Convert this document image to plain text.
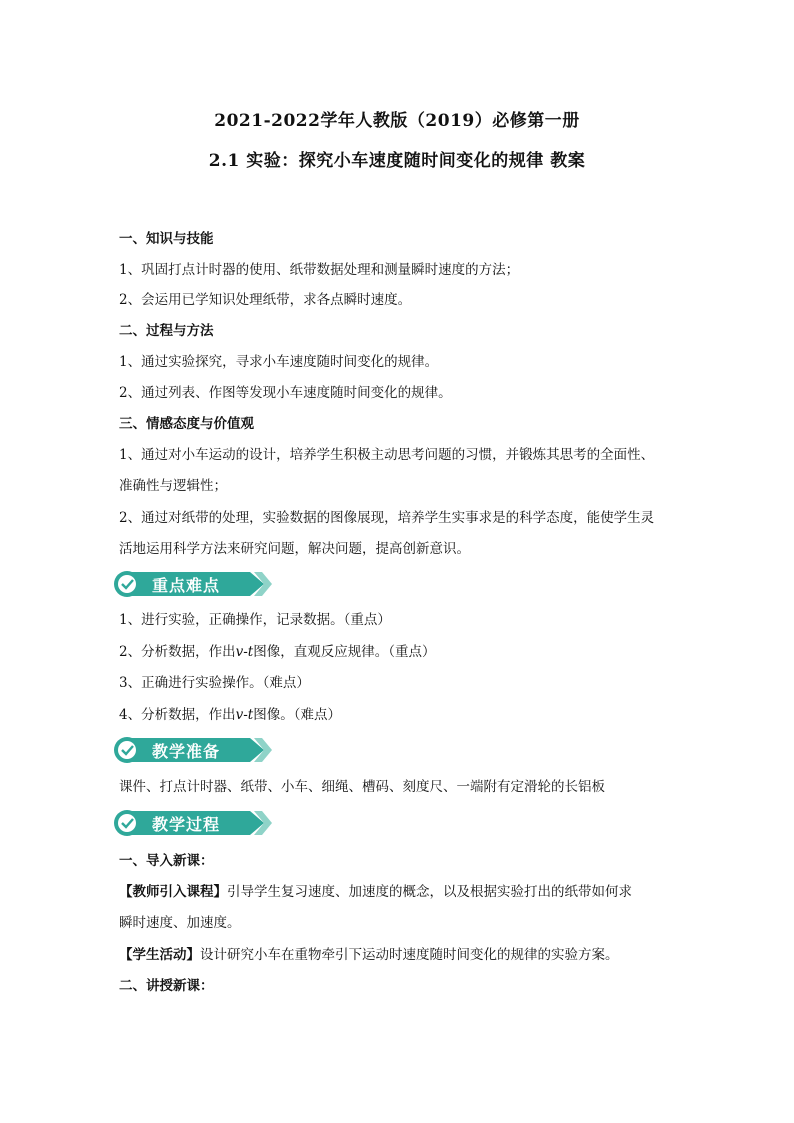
2021-2022学年人教版（2019）必修第一册
2.1 实验：探究小车速度随时间变化的规律 教案
一、知识与技能
1、巩固打点计时器的使用、纸带数据处理和测量瞬时速度的方法；
2、会运用已学知识处理纸带，求各点瞬时速度。
二、过程与方法
1、通过实验探究，寻求小车速度随时间变化的规律。
2、通过列表、作图等发现小车速度随时间变化的规律。
三、情感态度与价值观
1、通过对小车运动的设计，培养学生积极主动思考问题的习惯，并锻炼其思考的全面性、
准确性与逻辑性；
2、通过对纸带的处理，实验数据的图像展现，培养学生实事求是的科学态度，能使学生灵
活地运用科学方法来研究问题，解决问题，提高创新意识。
重点难点
1、进行实验，正确操作，记录数据。（重点）
2、分析数据，作出v-t图像，直观反应规律。（重点）
3、正确进行实验操作。（难点）
4、分析数据，作出v-t图像。（难点）
教学准备
课件、打点计时器、纸带、小车、细绳、槽码、刻度尺、一端附有定滑轮的长铝板
教学过程
一、导入新课：
【教师引入课程】引导学生复习速度、加速度的概念，以及根据实验打出的纸带如何求
瞬时速度、加速度。
【学生活动】设计研究小车在重物牵引下运动时速度随时间变化的规律的实验方案。
二、讲授新课：
